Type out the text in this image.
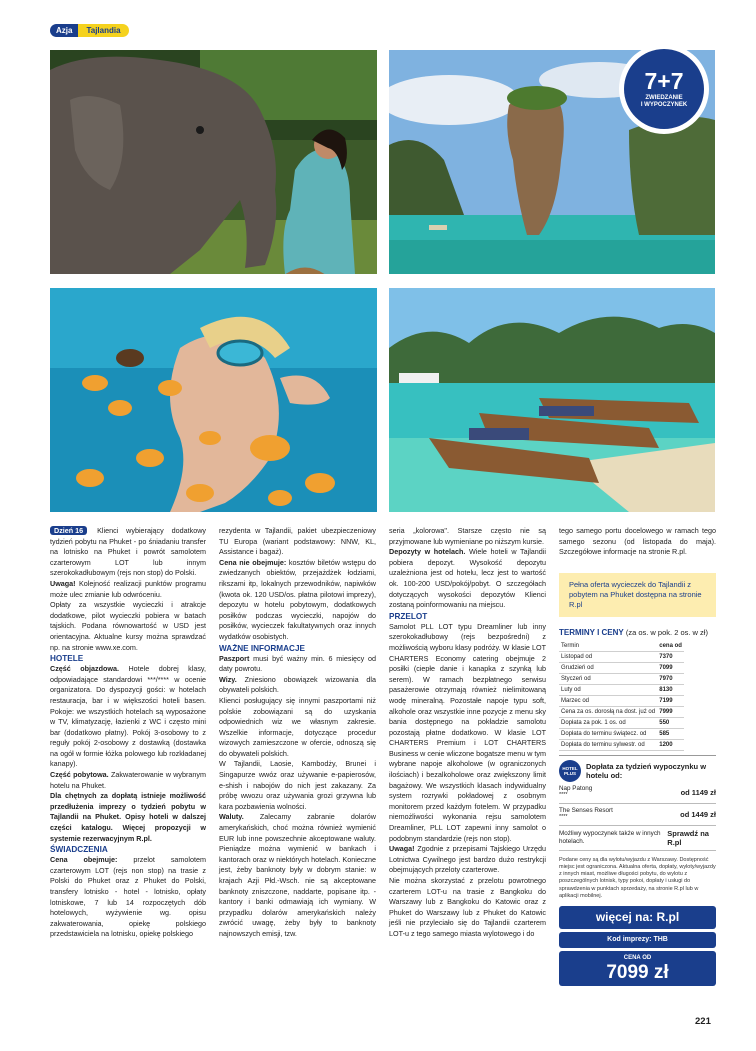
Azja	Tajlandia
7+7
ZWIEDZANIE
I WYPOCZYNEK

Dzień 16 Klienci wybierający dodatkowy tydzień pobytu na Phuket - po śniadaniu transfer na lotnisko na Phuket i powrót samolotem czarterowym LOT lub innym szerokokadłubowym (rejs non stop) do Polski.

Uwaga! Kolejność realizacji punktów programu może ulec zmianie lub odwróceniu.

Opłaty za wszystkie wycieczki i atrakcje dodatkowe, pilot wycieczki pobiera w batach tajskich. Podana równowartość w USD jest orientacyjna. Aktualne kursy można sprawdzać np. na stronie www.xe.com.

HOTELE

Część objazdowa. Hotele dobrej klasy, odpowiadające standardowi ***/**** w ocenie organizatora. Do dyspozycji gości: w hotelach restauracja, bar i w większości hoteli basen. Pokoje: we wszystkich hotelach są wyposażone w TV, klimatyzację, łazienki z WC i często mini bar (dodatkowo płatny). Pokój 3-osobowy to z reguły pokój 2-osobowy z dostawką (dostawka na ogół w formie łóżka polowego lub rozkładanej kanapy).

Część pobytowa. Zakwaterowanie w wybranym hotelu na Phuket.

Dla chętnych za dopłatą istnieje możliwość przedłużenia imprezy o tydzień pobytu w Tajlandii na Phuket. Opisy hoteli w dalszej części katalogu. Więcej propozycji w systemie rezerwacyjnym R.pl.

ŚWIADCZENIA

Cena obejmuje: przelot samolotem czarterowym LOT (rejs non stop) na trasie z Polski do Phuket oraz z Phuket do Polski, transfery lotnisko - hotel - lotnisko, opłaty lotniskowe, 7 lub 14 rozpoczętych dób hotelowych, wyżywienie wg. opisu zakwaterowania, opiekę polskiego przedstawiciela na lotnisku, opiekę polskiego

rezydenta w Tajlandii, pakiet ubezpieczeniowy TU Europa (wariant podstawowy: NNW, KL, Assistance i bagaż).

Cena nie obejmuje: kosztów biletów wstępu do zwiedzanych obiektów, przejażdżek łodziami, rikszami itp, lokalnych przewodników, napiwków (kwota ok. 120 USD/os. płatna pilotowi imprezy), depozytu w hotelu pobytowym, dodatkowych posiłków podczas wycieczki, napojów do posiłków, wycieczek fakultatywnych oraz innych wydatków osobistych.

WAŻNE INFORMACJE

Paszport musi być ważny min. 6 miesięcy od daty powrotu.

Wizy. Zniesiono obowiązek wizowania dla obywateli polskich.

Klienci posługujący się innymi paszportami niż polskie zobowiązani są do uzyskania odpowiednich wiz we własnym zakresie. Wszelkie informacje, dotyczące procedur wizowych zamieszczone w ofercie, odnoszą się do obywateli polskich.

W Tajlandii, Laosie, Kambodży, Brunei i Singapurze wwóz oraz używanie e-papierosów, e-shish i nabojów do nich jest zakazany. Za próbę wwozu oraz używania grozi grzywna lub kara pozbawienia wolności.

Waluty. Zalecamy zabranie dolarów amerykańskich, choć można również wymienić EUR lub inne powszechnie akceptowane waluty. Pieniądze można wymienić w bankach i kantorach oraz w niektórych hotelach. Konieczne jest, żeby banknoty były w dobrym stanie: w krajach Azji Płd.-Wsch. nie są akceptowane banknoty zniszczone, naddarte, popisane itp. - kantory i banki odmawiają ich wymiany. W przypadku dolarów amerykańskich należy zwrócić uwagę, żeby były to banknoty najnowszych emisji, tzw.

seria „kolorowa". Starsze często nie są przyjmowane lub wymieniane po niższym kursie.

Depozyty w hotelach. Wiele hoteli w Tajlandii pobiera depozyt. Wysokość depozytu uzależniona jest od hotelu, lecz jest to wartość ok. 100-200 USD/pokój/pobyt. O szczegółach dotyczących wysokości depozytów Klienci zostaną poinformowaniu na miejscu.

PRZELOT

Samolot PLL LOT typu Dreamliner lub inny szerokokadłubowy (rejs bezpośredni) z możliwością wyboru klasy podróży. W klasie LOT CHARTERS Economy catering obejmuje 2 posiłki (ciepłe danie i kanapka z szynką lub serem). W ramach bezpłatnego serwisu pasażerowie otrzymają również nielimitowaną wodę mineralną. Pozostałe napoje typu soft, alkohole oraz wszystkie inne pozycje z menu sky bania dostępnego na pokładzie samolotu pozostają płatne dodatkowo. W klasie LOT CHARTERS Premium i LOT CHARTERS Business w cenie wliczone bogatsze menu w tym wybrane napoje alkoholowe (w ograniczonych ilościach) i bezalkoholowe oraz zwiększony limit bagażowy. We wszystkich klasach indywidualny system rozrywki pokładowej z osobnym monitorem przed każdym fotelem. W przypadku niemożliwości wykonania rejsu samolotem Dreamliner, PLL LOT zapewni inny samolot o podobnym standardzie (rejs non stop).

Uwaga! Zgodnie z przepisami Tajskiego Urzędu Lotnictwa Cywilnego jest bardzo dużo restrykcji obejmujących przeloty czarterowe.

Nie można skorzystać z przelotu powrotnego czarterem LOT-u na trasie z Bangkoku do Warszawy lub z Bangkoku do Katowic oraz z Phuket do Warszawy lub z Phuket do Katowic jeśli nie przyleciało się do Tajlandii czarterem LOT-u z tego samego miasta wylotowego i do

tego samego portu docelowego w ramach tego samego sezonu (od listopada do maja). Szczegółowe informacje na stronie R.pl.
Pełna oferta wycieczek do Tajlandii z pobytem na Phuket dostępna na stronie R.pl
TERMINY I CENY (za os. w pok. 2 os. w zł)
Termin	cena od
Listopad od	7370
Grudzień od	7099
Styczeń od	7970
Luty od	8130
Marzec od	7199
Cena za os. dorosłą na dost. już od	7999
Dopłata za pok. 1 os. od	550
Dopłata do terminu świątecz. od	585
Dopłata do terminu sylwestr. od	1200
HOTEL PLUS
Dopłata za tydzień wypoczynku w hotelu od:
Nap Patong
****	od 1149 zł
The Senses Resort
****	od 1449 zł
Możliwy wypoczynek także w innych hotelach.
Sprawdź na R.pl
Podane ceny są dla wylotu/wyjazdu z Warszawy. Dostępność miejsc jest ograniczona. Aktualna oferta, dopłaty, wyloty/wyjazdy z innych miast, możliwe długości pobytu, do wylotu z poszczególnych lotnisk, typy pokoi, dopłaty i usługi do sprawdzenia w punktach sprzedaży, na stronie R.pl lub w aplikacji mobilnej.
więcej na: R.pl
Kod imprezy: THB
CENA OD
7099 zł
221
